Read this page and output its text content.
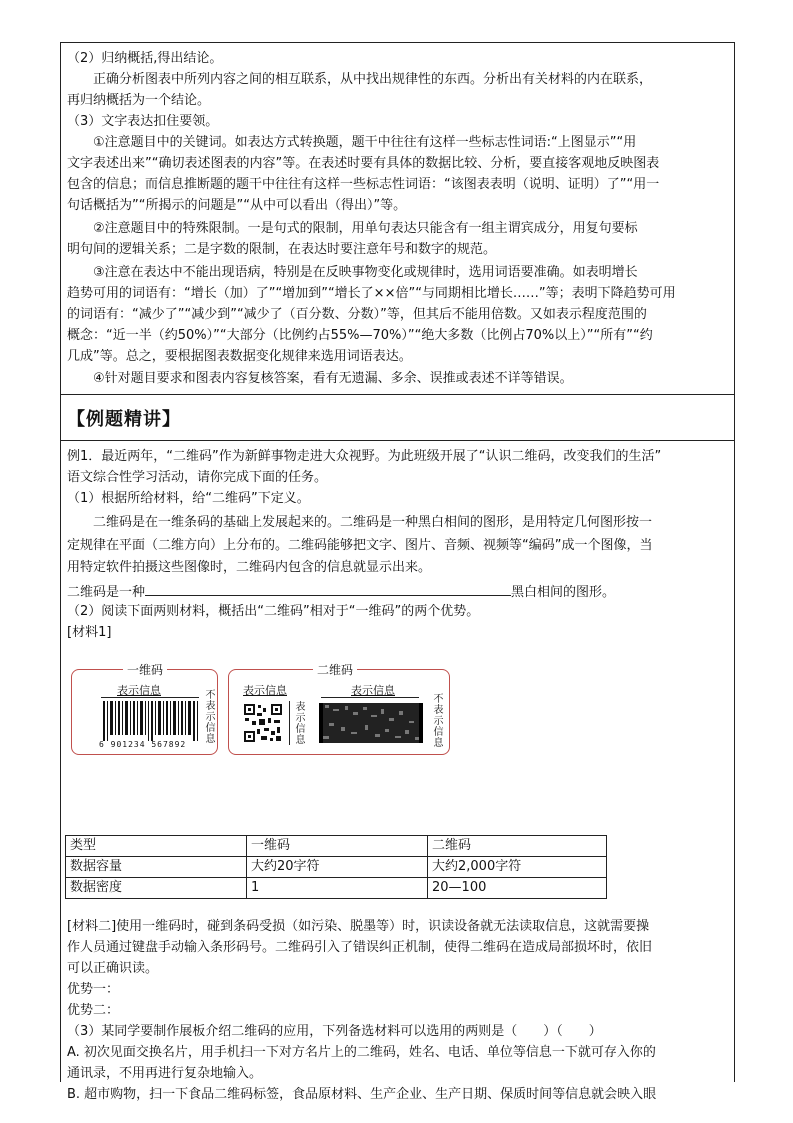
（2）归纳概括,得出结论。

　　正确分析图表中所列内容之间的相互联系，从中找出规律性的东西。分析出有关材料的内在联系，

再归纳概括为一个结论。

（3）文字表达扣住要领。

　　①注意题目中的关键词。如表达方式转换题，题干中往往有这样一些标志性词语:“上图显示”“用

文字表述出来”“确切表述图表的内容”等。在表述时要有具体的数据比较、分析，要直接客观地反映图表

包含的信息；而信息推断题的题干中往往有这样一些标志性词语：“该图表表明（说明、证明）了”“用一

句话概括为”“所揭示的问题是”“从中可以看出（得出）”等。

　　②注意题目中的特殊限制。一是句式的限制，用单句表达只能含有一组主谓宾成分，用复句要标

明句间的逻辑关系；二是字数的限制，在表达时要注意年号和数字的规范。

　　③注意在表达中不能出现语病，特别是在反映事物变化或规律时，选用词语要准确。如表明增长

趋势可用的词语有：“增长（加）了”“增加到”“增长了××倍”“与同期相比增长……”等；表明下降趋势可用

的词语有：“减少了”“减少到”“减少了（百分数、分数）”等，但其后不能用倍数。又如表示程度范围的

概念：“近一半（约50%）”“大部分（比例约占55%—70%）”“绝大多数（比例占70%以上）”“所有”“约

几成”等。总之，要根据图表数据变化规律来选用词语表达。

　　④针对题目要求和图表内容复核答案，看有无遗漏、多余、误推或表述不详等错误。

【例题精讲】

例1．最近两年，“二维码”作为新鲜事物走进大众视野。为此班级开展了“认识二维码，改变我们的生活”

语文综合性学习活动，请你完成下面的任务。

（1）根据所给材料，给“二维码”下定义。

　　二维码是在一维条码的基础上发展起来的。二维码是一种黑白相间的图形，是用特定几何图形按一

定规律在平面（二维方向）上分布的。二维码能够把文字、图片、音频、视频等“编码”成一个图像，当

用特定软件拍摄这些图像时，二维码内包含的信息就显示出来。

二维码是一种	黑白相间的图形。

（2）阅读下面两则材料，概括出“二维码”相对于“一维码”的两个优势。

[材料1]

一维码
表示信息
6 901234 567892
不表示信息
二维码
表示信息	表示信息
表示信息	不表示信息
类型	一维码	二维码
数据容量	大约20字符	大约2,000字符
数据密度	1	20—100

[材料二]使用一维码时，碰到条码受损（如污染、脱墨等）时，识读设备就无法读取信息，这就需要操

作人员通过键盘手动输入条形码号。二维码引入了错误纠正机制，使得二维码在造成局部损坏时，依旧

可以正确识读。

优势一：

优势二：

（3）某同学要制作展板介绍二维码的应用，下列备选材料可以选用的两则是（　　）（　　）

A. 初次见面交换名片，用手机扫一下对方名片上的二维码，姓名、电话、单位等信息一下就可存入你的

通讯录，不用再进行复杂地输入。

B. 超市购物，扫一下食品二维码标签，食品原材料、生产企业、生产日期、保质时间等信息就会映入眼
